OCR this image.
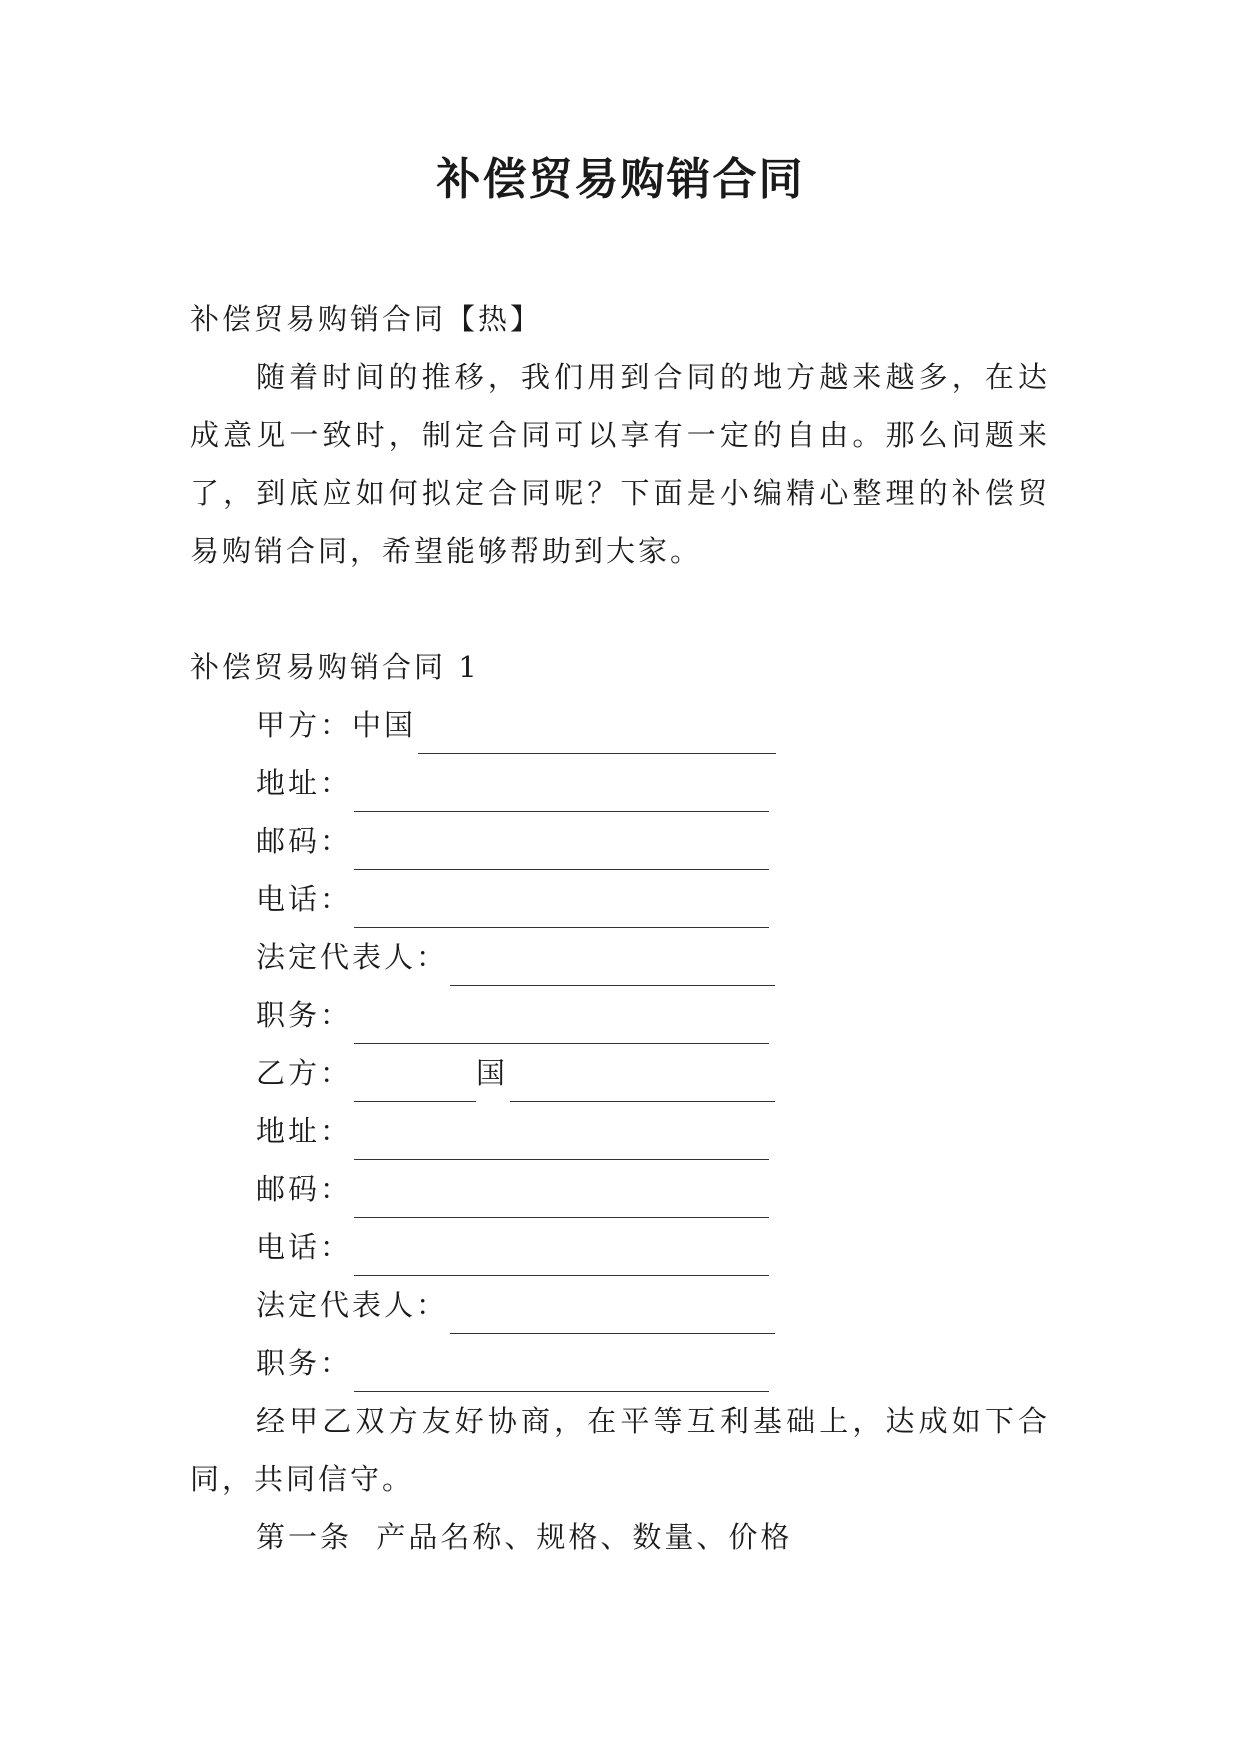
补偿贸易购销合同
补偿贸易购销合同【热】
随着时间的推移，我们用到合同的地方越来越多，在达成意见一致时，制定合同可以享有一定的自由。那么问题来了，到底应如何拟定合同呢？下面是小编精心整理的补偿贸易购销合同，希望能够帮助到大家。
补偿贸易购销合同 1
甲方：中国
地址：
邮码：
电话：
法定代表人：
职务：
乙方：	国
地址：
邮码：
电话：
法定代表人：
职务：
经甲乙双方友好协商，在平等互利基础上，达成如下合同，共同信守。
第一条  产品名称、规格、数量、价格
